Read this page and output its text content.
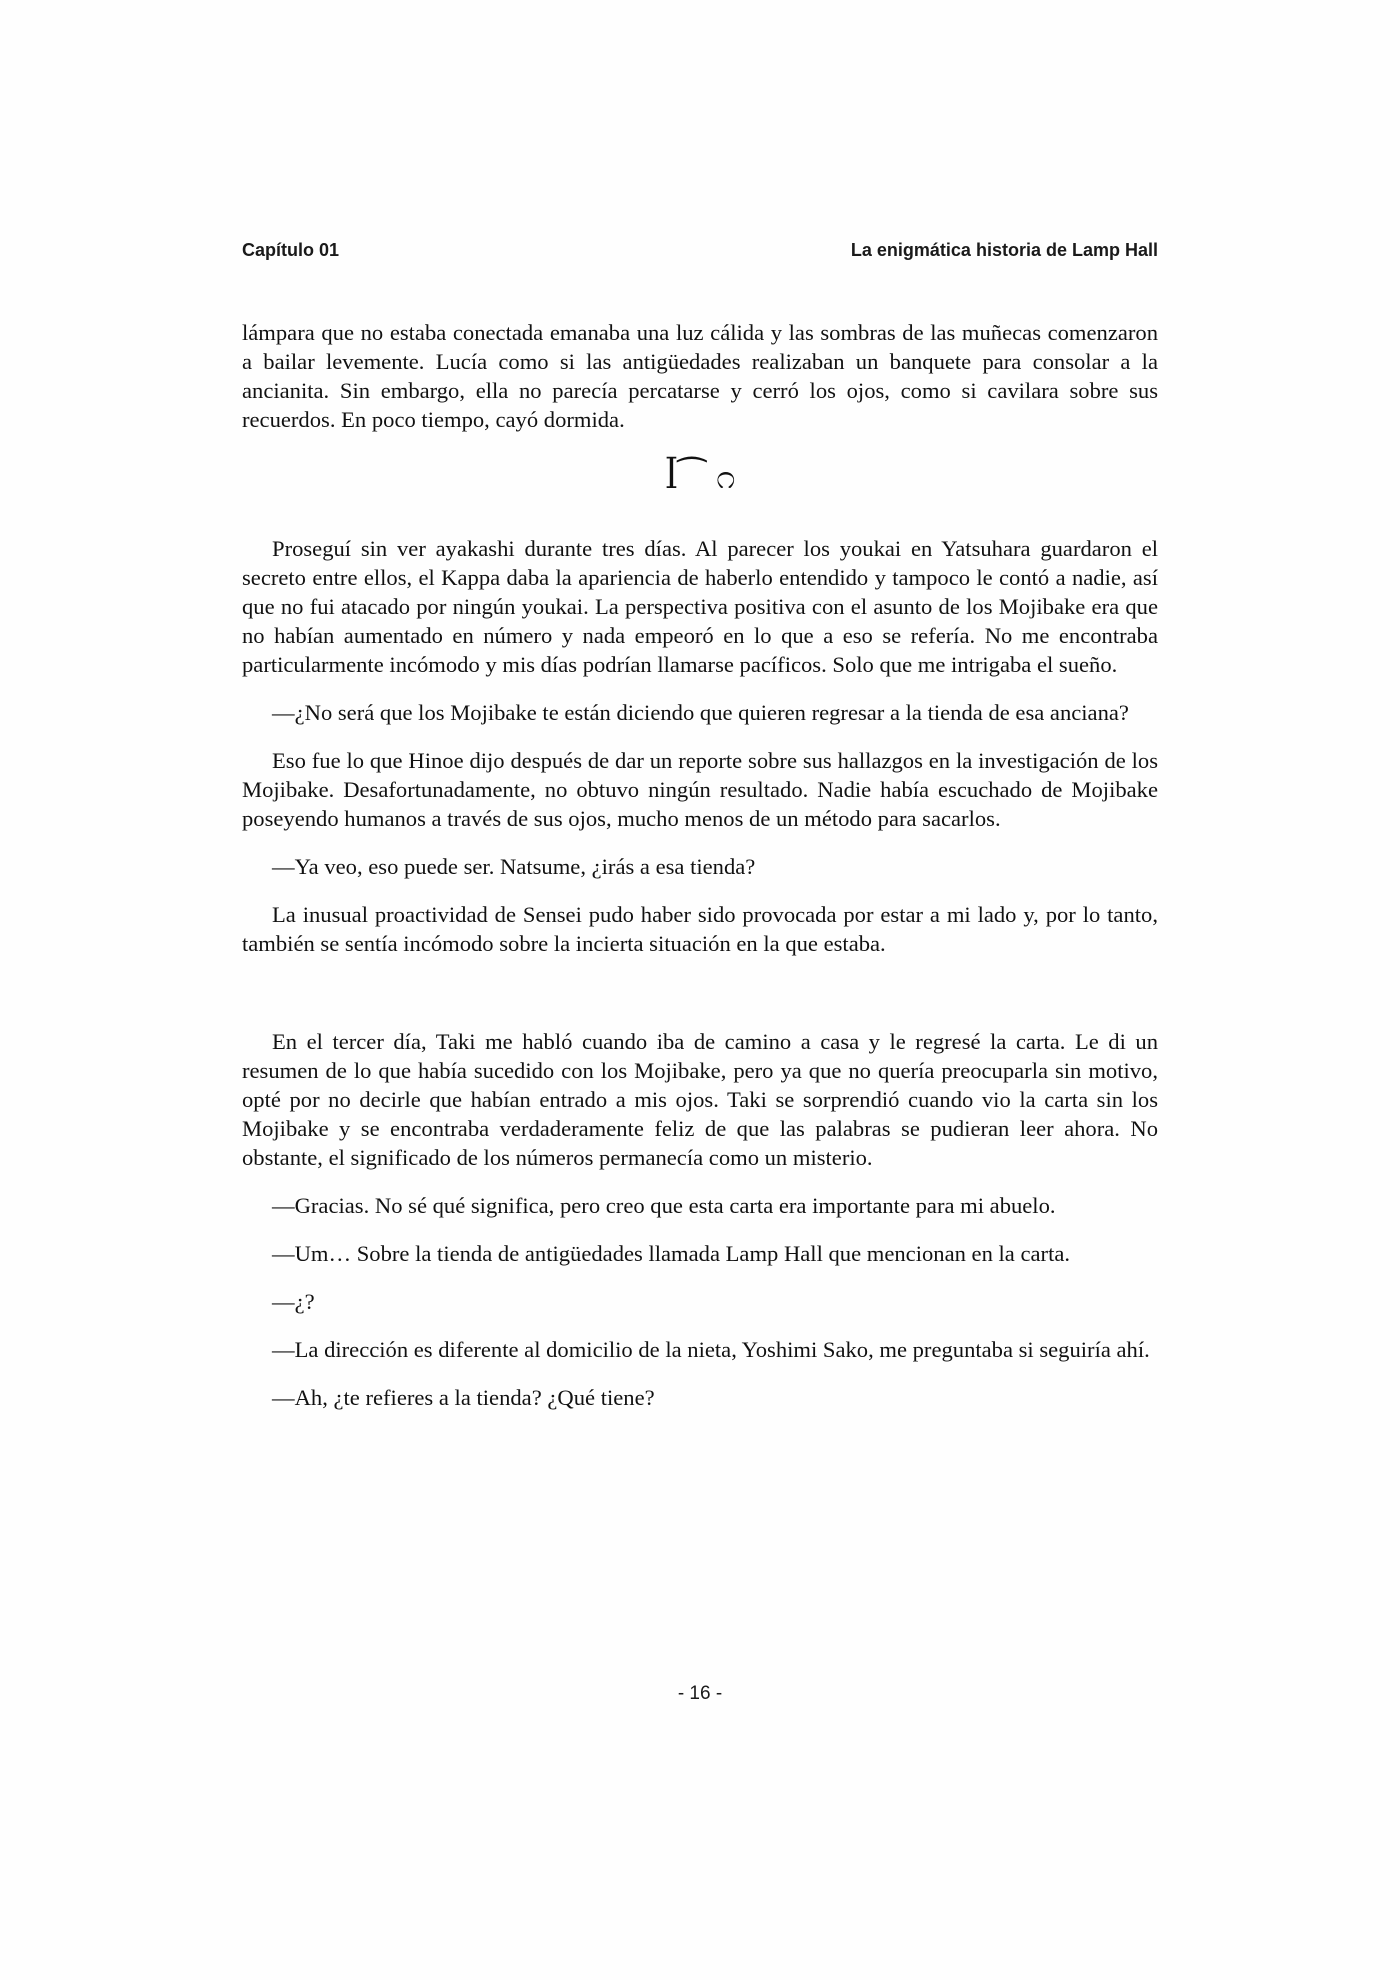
Capítulo 01	La enigmática historia de Lamp Hall

lámpara que no estaba conectada emanaba una luz cálida y las sombras de las muñecas comenzaron a bailar levemente. Lucía como si las antigüedades realizaban un banquete para consolar a la ancianita. Sin embargo, ella no parecía percatarse y cerró los ojos, como si cavilara sobre sus recuerdos. En poco tiempo, cayó dormida.

ꟾ⁀ ೧

Proseguí sin ver ayakashi durante tres días. Al parecer los youkai en Yatsuhara guardaron el secreto entre ellos, el Kappa daba la apariencia de haberlo entendido y tampoco le contó a nadie, así que no fui atacado por ningún youkai. La perspectiva positiva con el asunto de los Mojibake era que no habían aumentado en número y nada empeoró en lo que a eso se refería. No me encontraba particularmente incómodo y mis días podrían llamarse pacíficos. Solo que me intrigaba el sueño.

—¿No será que los Mojibake te están diciendo que quieren regresar a la tienda de esa anciana?

Eso fue lo que Hinoe dijo después de dar un reporte sobre sus hallazgos en la investigación de los Mojibake. Desafortunadamente, no obtuvo ningún resultado. Nadie había escuchado de Mojibake poseyendo humanos a través de sus ojos, mucho menos de un método para sacarlos.

—Ya veo, eso puede ser. Natsume, ¿irás a esa tienda?

La inusual proactividad de Sensei pudo haber sido provocada por estar a mi lado y, por lo tanto, también se sentía incómodo sobre la incierta situación en la que estaba.

En el tercer día, Taki me habló cuando iba de camino a casa y le regresé la carta. Le di un resumen de lo que había sucedido con los Mojibake, pero ya que no quería preocuparla sin motivo, opté por no decirle que habían entrado a mis ojos. Taki se sorprendió cuando vio la carta sin los Mojibake y se encontraba verdaderamente feliz de que las palabras se pudieran leer ahora. No obstante, el significado de los números permanecía como un misterio.

—Gracias. No sé qué significa, pero creo que esta carta era importante para mi abuelo.

—Um… Sobre la tienda de antigüedades llamada Lamp Hall que mencionan en la carta.

—¿?

—La dirección es diferente al domicilio de la nieta, Yoshimi Sako, me preguntaba si seguiría ahí.

—Ah, ¿te refieres a la tienda? ¿Qué tiene?

- 16 -
